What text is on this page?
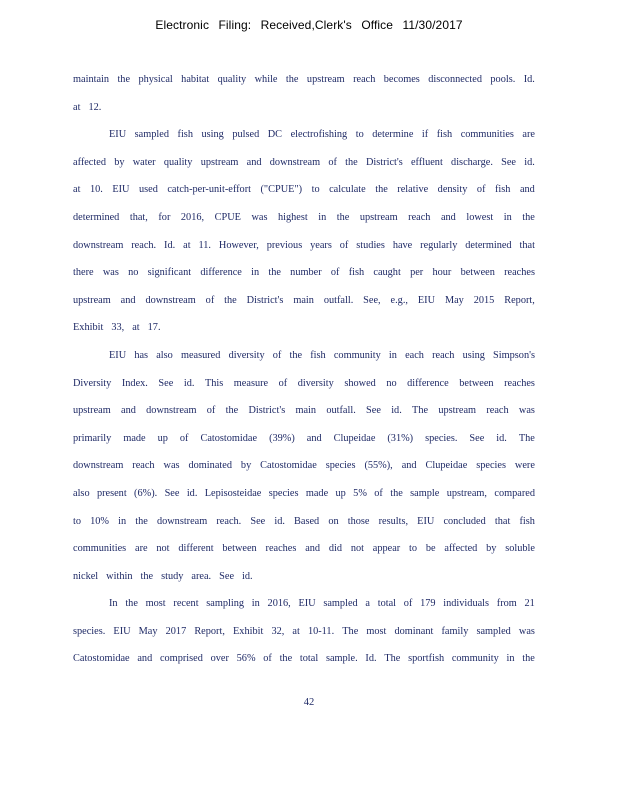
Electronic Filing: Received,Clerk's Office 11/30/2017
maintain the physical habitat quality while the upstream reach becomes disconnected pools. Id.
at 12.
EIU sampled fish using pulsed DC electrofishing to determine if fish communities are
affected by water quality upstream and downstream of the District's effluent discharge. See id.
at 10. EIU used catch-per-unit-effort ("CPUE") to calculate the relative density of fish and
determined that, for 2016, CPUE was highest in the upstream reach and lowest in the
downstream reach. Id. at 11. However, previous years of studies have regularly determined that
there was no significant difference in the number of fish caught per hour between reaches
upstream and downstream of the District's main outfall. See, e.g., EIU May 2015 Report,
Exhibit 33, at 17.
EIU has also measured diversity of the fish community in each reach using Simpson's
Diversity Index. See id. This measure of diversity showed no difference between reaches
upstream and downstream of the District's main outfall. See id. The upstream reach was
primarily made up of Catostomidae (39%) and Clupeidae (31%) species. See id. The
downstream reach was dominated by Catostomidae species (55%), and Clupeidae species were
also present (6%). See id. Lepisosteidae species made up 5% of the sample upstream, compared
to 10% in the downstream reach. See id. Based on those results, EIU concluded that fish
communities are not different between reaches and did not appear to be affected by soluble
nickel within the study area. See id.
In the most recent sampling in 2016, EIU sampled a total of 179 individuals from 21
species. EIU May 2017 Report, Exhibit 32, at 10-11. The most dominant family sampled was
Catostomidae and comprised over 56% of the total sample. Id. The sportfish community in the
42
